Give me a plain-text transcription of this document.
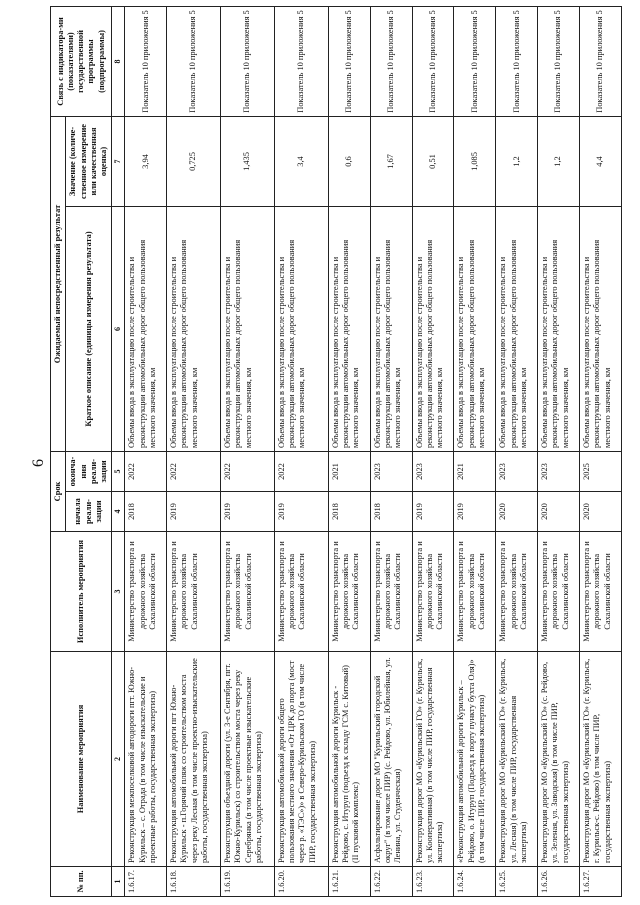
6
№ пп.	Наименование мероприятия	Исполнитель мероприятия	Срок		Ожидаемый непосредственный результат		Связь с индикатора-ми (показателями) государственной программы (подпрограммы)
			начала реали-зации	оконча-ния реали-зации	Краткое описание (единицы измерения результата)	Значение (количе-ственное измерение или качественная оценка)	
1	2	3	4	5	6	7	8
1.6.17.	Реконструкция межпоселковой автодороги пгт. Южно-Курильск – с. Отрада (в том числе изыскательские и проектные работы, государственная экспертиза)	Министерство транспорта и дорожного хозяйства Сахалинской области	2018	2022	Объемы ввода в эксплуатацию после строительства и реконструкции автомобильных дорог общего пользования местного значения, км	3,94	Показатель 10 приложения 5
1.6.18.	Реконструкция автомобильной дороги пгт Южно-Курильск - п.Горячий пляж со строительством моста через реку Лесная (в том числе проектно-изыскательские работы, государственная экспертиза)	Министерство транспорта и дорожного хозяйства Сахалинской области	2019	2022	Объемы ввода в эксплуатацию после строительства и реконструкции автомобильных дорог общего пользования местного значения, км	0,725	Показатель 10 приложения 5
1.6.19.	Реконструкция объездной дороги (ул. 3-е Сентября, пгт. Южно-Курильск) со строительством моста через реку Серебрянка (в том числе проектные изыскательские работы, государственная экспертиза)	Министерство транспорта и дорожного хозяйства Сахалинской области	2019	2022	Объемы ввода в эксплуатацию после строительства и реконструкции автомобильных дорог общего пользования местного значения, км	1,435	Показатель 10 приложения 5
1.6.20.	Реконструкция автомобильной дороги общего пользования местного значения «От ЦРК до порта (мост через р. «ТЭС»)» в Северо-Курильском ГО (в том числе ПИР, государственная экспертиза)	Министерство транспорта и дорожного хозяйства Сахалинской области	2019	2022	Объемы ввода в эксплуатацию после строительства и реконструкции автомобильных дорог общего пользования местного значения, км	3,4	Показатель 10 приложения 5
1.6.21.	Реконструкция автомобильной дороги Курильск - Рейдово, с. Итуруп (подъезд к складу ГСМ с. Китовый) (II пусковой комплекс)	Министерство транспорта и дорожного хозяйства Сахалинской области	2018	2021	Объемы ввода в эксплуатацию после строительства и реконструкции автомобильных дорог общего пользования местного значения, км	0,6	Показатель 10 приложения 5
1.6.22.	Асфальтирование дорог МО "Курильский городской округ" (в том числе ПИР) (с. Рейдово, ул. Юбилейная, ул. Ленина, ул. Студенческая)	Министерство транспорта и дорожного хозяйства Сахалинской области	2018	2023	Объемы ввода в эксплуатацию после строительства и реконструкции автомобильных дорог общего пользования местного значения, км	1,67	Показатель 10 приложения 5
1.6.23.	Реконструкция дорог МО «Курильский ГО» (г. Курильск, ул. Кооперативная) (в том числе ПИР, государственная экспертиза)	Министерство транспорта и дорожного хозяйства Сахалинской области	2019	2023	Объемы ввода в эксплуатацию после строительства и реконструкции автомобильных дорог общего пользования местного значения, км	0,51	Показатель 10 приложения 5
1.6.24.	«Реконструкция автомобильной дороги Курильск – Рейдово, о. Итуруп (Подъезд к порту пункту бухта Оля)» (в том числе ПИР, государственная экспертиза)	Министерство транспорта и дорожного хозяйства Сахалинской области	2019	2021	Объемы ввода в эксплуатацию после строительства и реконструкции автомобильных дорог общего пользования местного значения, км	1,085	Показатель 10 приложения 5
1.6.25.	Реконструкция дорог МО «Курильский ГО» (г. Курильск, ул. Лесная) (в том числе ПИР, государственная экспертиза)	Министерство транспорта и дорожного хозяйства Сахалинской области	2020	2023	Объемы ввода в эксплуатацию после строительства и реконструкции автомобильных дорог общего пользования местного значения, км	1,2	Показатель 10 приложения 5
1.6.26.	Реконструкция дорог МО «Курильский ГО» (с. Рейдово, ул. Зеленая, ул. Заводская) (в том числе ПИР, государственная экспертиза)	Министерство транспорта и дорожного хозяйства Сахалинской области	2020	2023	Объемы ввода в эксплуатацию после строительства и реконструкции автомобильных дорог общего пользования местного значения, км	1,2	Показатель 10 приложения 5
1.6.27.	Реконструкция дорог МО «Курильский ГО» (г. Курильск, г. Курильск-с. Рейдово) (в том числе ПИР, государственная экспертиза)	Министерство транспорта и дорожного хозяйства Сахалинской области	2020	2025	Объемы ввода в эксплуатацию после строительства и реконструкции автомобильных дорог общего пользования местного значения, км	4,4	Показатель 10 приложения 5
